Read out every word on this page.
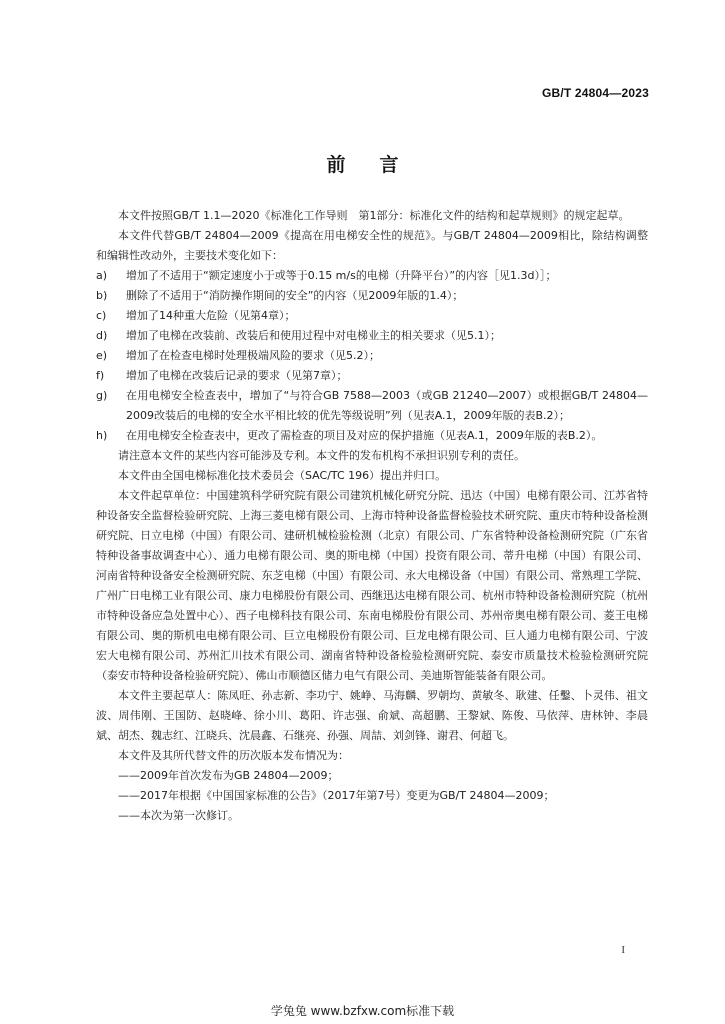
GB/T 24804—2023
前言

本文件按照GB/T 1.1—2020《标准化工作导则　第1部分：标准化文件的结构和起草规则》的规定起草。

本文件代替GB/T 24804—2009《提高在用电梯安全性的规范》。与GB/T 24804—2009相比，除结构调整和编辑性改动外，主要技术变化如下：

a)	增加了不适用于“额定速度小于或等于0.15 m/s的电梯（升降平台）”的内容［见1.3d）］；
b)	删除了不适用于“消防操作期间的安全”的内容（见2009年版的1.4）；
c)	增加了14种重大危险（见第4章）；
d)	增加了电梯在改装前、改装后和使用过程中对电梯业主的相关要求（见5.1）；
e)	增加了在检查电梯时处理极端风险的要求（见5.2）；
f)	增加了电梯在改装后记录的要求（见第7章）；
g)	在用电梯安全检查表中，增加了“与符合GB 7588—2003（或GB 21240—2007）或根据GB/T 24804—2009改装后的电梯的安全水平相比较的优先等级说明”列（见表A.1，2009年版的表B.2）；
h)	在用电梯安全检查表中，更改了需检查的项目及对应的保护措施（见表A.1，2009年版的表B.2）。

请注意本文件的某些内容可能涉及专利。本文件的发布机构不承担识别专利的责任。

本文件由全国电梯标准化技术委员会（SAC/TC 196）提出并归口。

本文件起草单位：中国建筑科学研究院有限公司建筑机械化研究分院、迅达（中国）电梯有限公司、江苏省特种设备安全监督检验研究院、上海三菱电梯有限公司、上海市特种设备监督检验技术研究院、重庆市特种设备检测研究院、日立电梯（中国）有限公司、建研机械检验检测（北京）有限公司、广东省特种设备检测研究院（广东省特种设备事故调查中心）、通力电梯有限公司、奥的斯电梯（中国）投资有限公司、蒂升电梯（中国）有限公司、河南省特种设备安全检测研究院、东芝电梯（中国）有限公司、永大电梯设备（中国）有限公司、常熟理工学院、广州广日电梯工业有限公司、康力电梯股份有限公司、西继迅达电梯有限公司、杭州市特种设备检测研究院（杭州市特种设备应急处置中心）、西子电梯科技有限公司、东南电梯股份有限公司、苏州帝奥电梯有限公司、菱王电梯有限公司、奥的斯机电电梯有限公司、巨立电梯股份有限公司、巨龙电梯有限公司、巨人通力电梯有限公司、宁波宏大电梯有限公司、苏州汇川技术有限公司、湖南省特种设备检验检测研究院、泰安市质量技术检验检测研究院（泰安市特种设备检验研究院）、佛山市顺德区储力电气有限公司、美迪斯智能装备有限公司。

本文件主要起草人：陈凤旺、孙志新、李功宁、姚峥、马海麟、罗朝均、黄敏冬、耿建、任鑿、卜灵伟、祖文波、周伟刚、王国防、赵晓峰、徐小川、葛阳、许志强、俞斌、高超鹏、王黎斌、陈俊、马依萍、唐林钟、李晨斌、胡杰、魏志红、江晓兵、沈晨鑫、石继亮、孙强、周喆、刘剑锋、谢君、何超飞。

本文件及其所代替文件的历次版本发布情况为：

——2009年首次发布为GB 24804—2009；

——2017年根据《中国国家标准的公告》（2017年第7号）变更为GB/T 24804—2009；

——本次为第一次修订。

I
学兔兔 www.bzfxw.com标准下载
